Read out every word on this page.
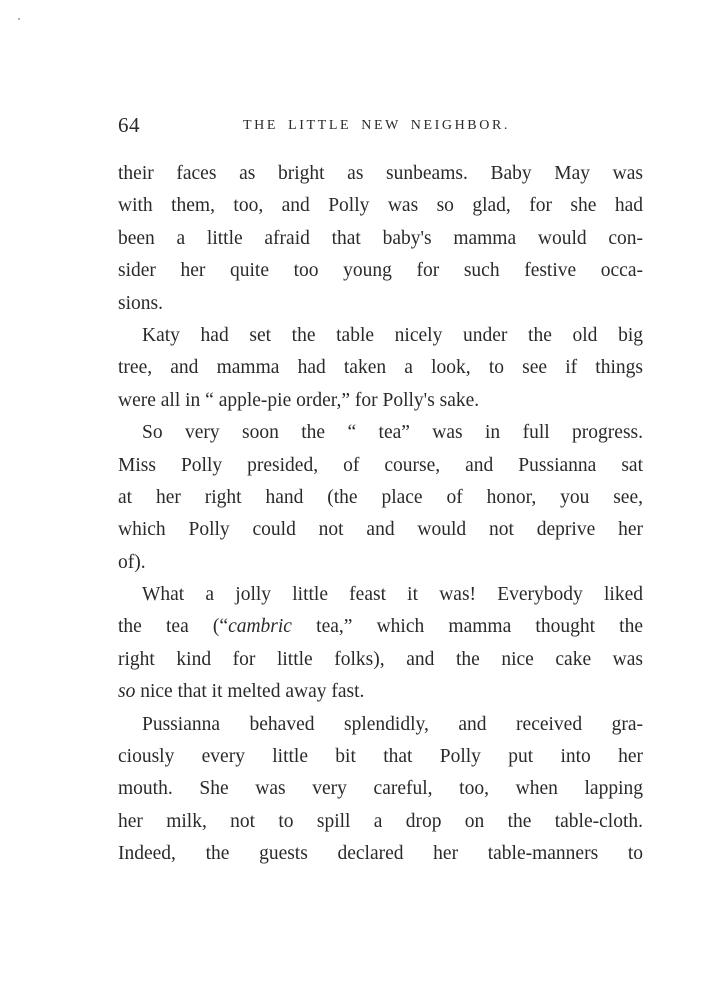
64	THE LITTLE NEW NEIGHBOR.
their faces as bright as sunbeams. Baby May was
with them, too, and Polly was so glad, for she had
been a little afraid that baby's mamma would con-
sider her quite too young for such festive occa-
sions.
Katy had set the table nicely under the old big
tree, and mamma had taken a look, to see if things
were all in “ apple-pie order,” for Polly's sake.
So very soon the “ tea” was in full progress.
Miss Polly presided, of course, and Pussianna sat
at her right hand (the place of honor, you see,
which Polly could not and would not deprive her
of).
What a jolly little feast it was! Everybody liked
the tea (“cambric tea,” which mamma thought the
right kind for little folks), and the nice cake was
so nice that it melted away fast.
Pussianna behaved splendidly, and received gra-
ciously every little bit that Polly put into her
mouth. She was very careful, too, when lapping
her milk, not to spill a drop on the table-cloth.
Indeed, the guests declared her table-manners to
